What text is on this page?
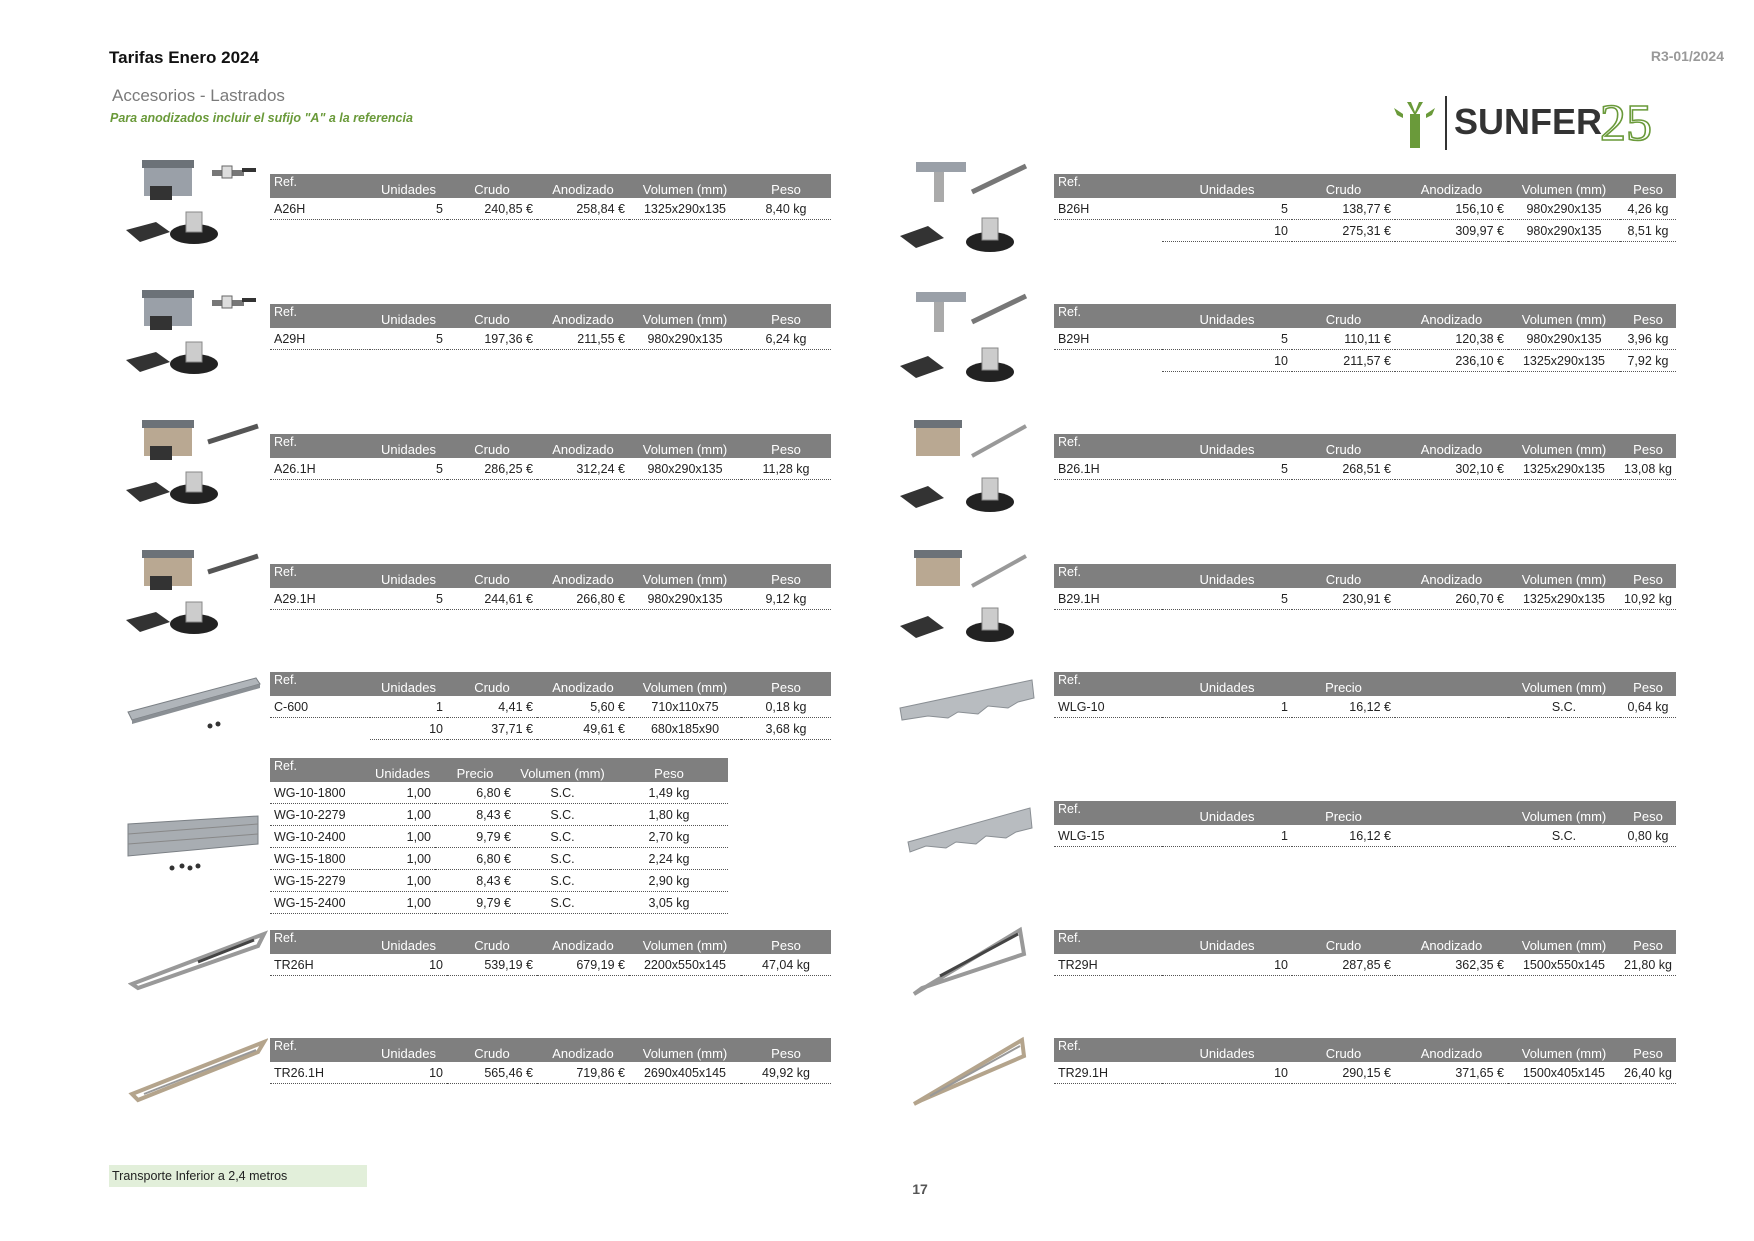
Tarifas Enero 2024	R3-01/2024
Accesorios - Lastrados
Para anodizados incluir el sufijo "A" a la referencia	SUNFER
25
Ref.	Unidades	Crudo	Anodizado	Volumen (mm)	Peso
A26H	5	240,85 €	258,84 €	1325x290x135	8,40 kg
Ref.	Unidades	Crudo	Anodizado	Volumen (mm)	Peso
A29H	5	197,36 €	211,55 €	980x290x135	6,24 kg
Ref.	Unidades	Crudo	Anodizado	Volumen (mm)	Peso
A26.1H	5	286,25 €	312,24 €	980x290x135	11,28 kg
Ref.	Unidades	Crudo	Anodizado	Volumen (mm)	Peso
A29.1H	5	244,61 €	266,80 €	980x290x135	9,12 kg
Ref.	Unidades	Crudo	Anodizado	Volumen (mm)	Peso
C-600	1	4,41 €	5,60 €	710x110x75	0,18 kg
	10	37,71 €	49,61 €	680x185x90	3,68 kg
Ref.	Unidades	Precio	Volumen (mm)	Peso
WG-10-1800	1,00	6,80 €	S.C.	1,49 kg
WG-10-2279	1,00	8,43 €	S.C.	1,80 kg
WG-10-2400	1,00	9,79 €	S.C.	2,70 kg
WG-15-1800	1,00	6,80 €	S.C.	2,24 kg
WG-15-2279	1,00	8,43 €	S.C.	2,90 kg
WG-15-2400	1,00	9,79 €	S.C.	3,05 kg
Ref.	Unidades	Crudo	Anodizado	Volumen (mm)	Peso
TR26H	10	539,19 €	679,19 €	2200x550x145	47,04 kg
Ref.	Unidades	Crudo	Anodizado	Volumen (mm)	Peso
TR26.1H	10	565,46 €	719,86 €	2690x405x145	49,92 kg
Ref.	Unidades	Crudo	Anodizado	Volumen (mm)	Peso
B26H	5	138,77 €	156,10 €	980x290x135	4,26 kg
	10	275,31 €	309,97 €	980x290x135	8,51 kg
Ref.	Unidades	Crudo	Anodizado	Volumen (mm)	Peso
B29H	5	110,11 €	120,38 €	980x290x135	3,96 kg
	10	211,57 €	236,10 €	1325x290x135	7,92 kg
Ref.	Unidades	Crudo	Anodizado	Volumen (mm)	Peso
B26.1H	5	268,51 €	302,10 €	1325x290x135	13,08 kg
Ref.	Unidades	Crudo	Anodizado	Volumen (mm)	Peso
B29.1H	5	230,91 €	260,70 €	1325x290x135	10,92 kg
Ref.	Unidades	Precio		Volumen (mm)	Peso
WLG-10	1	16,12 €		S.C.	0,64 kg
Ref.	Unidades	Precio		Volumen (mm)	Peso
WLG-15	1	16,12 €		S.C.	0,80 kg
Ref.	Unidades	Crudo	Anodizado	Volumen (mm)	Peso
TR29H	10	287,85 €	362,35 €	1500x550x145	21,80 kg
Ref.	Unidades	Crudo	Anodizado	Volumen (mm)	Peso
TR29.1H	10	290,15 €	371,65 €	1500x405x145	26,40 kg
Transporte Inferior a 2,4 metros
17
